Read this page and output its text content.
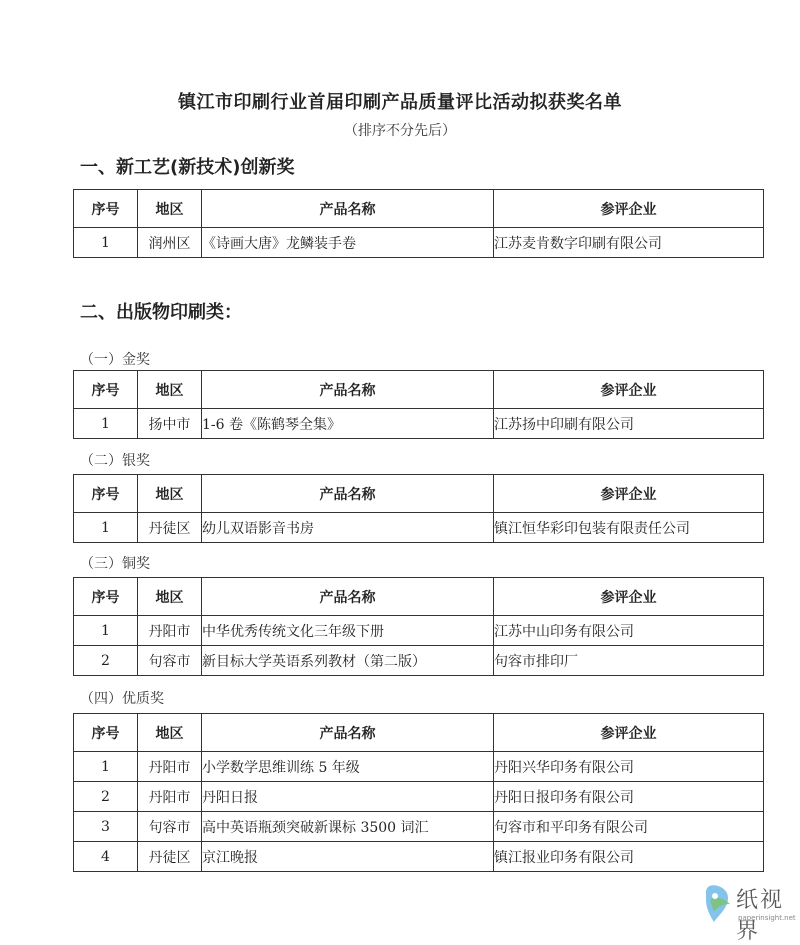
镇江市印刷行业首届印刷产品质量评比活动拟获奖名单
（排序不分先后）
一、新工艺(新技术)创新奖
序号	地区	产品名称	参评企业
1	润州区	《诗画大唐》龙鳞装手卷	江苏麦肯数字印刷有限公司
二、出版物印刷类：
（一）金奖
序号	地区	产品名称	参评企业
1	扬中市	1-6 卷《陈鹤琴全集》	江苏扬中印刷有限公司
（二）银奖
序号	地区	产品名称	参评企业
1	丹徒区	幼儿双语影音书房	镇江恒华彩印包装有限责任公司
（三）铜奖
序号	地区	产品名称	参评企业
1	丹阳市	中华优秀传统文化三年级下册	江苏中山印务有限公司
2	句容市	新目标大学英语系列教材（第二版）	句容市排印厂
（四）优质奖
序号	地区	产品名称	参评企业
1	丹阳市	小学数学思维训练 5 年级	丹阳兴华印务有限公司
2	丹阳市	丹阳日报	丹阳日报印务有限公司
3	句容市	高中英语瓶颈突破新课标 3500 词汇	句容市和平印务有限公司
4	丹徒区	京江晚报	镇江报业印务有限公司
纸视界
paperinsight.net
